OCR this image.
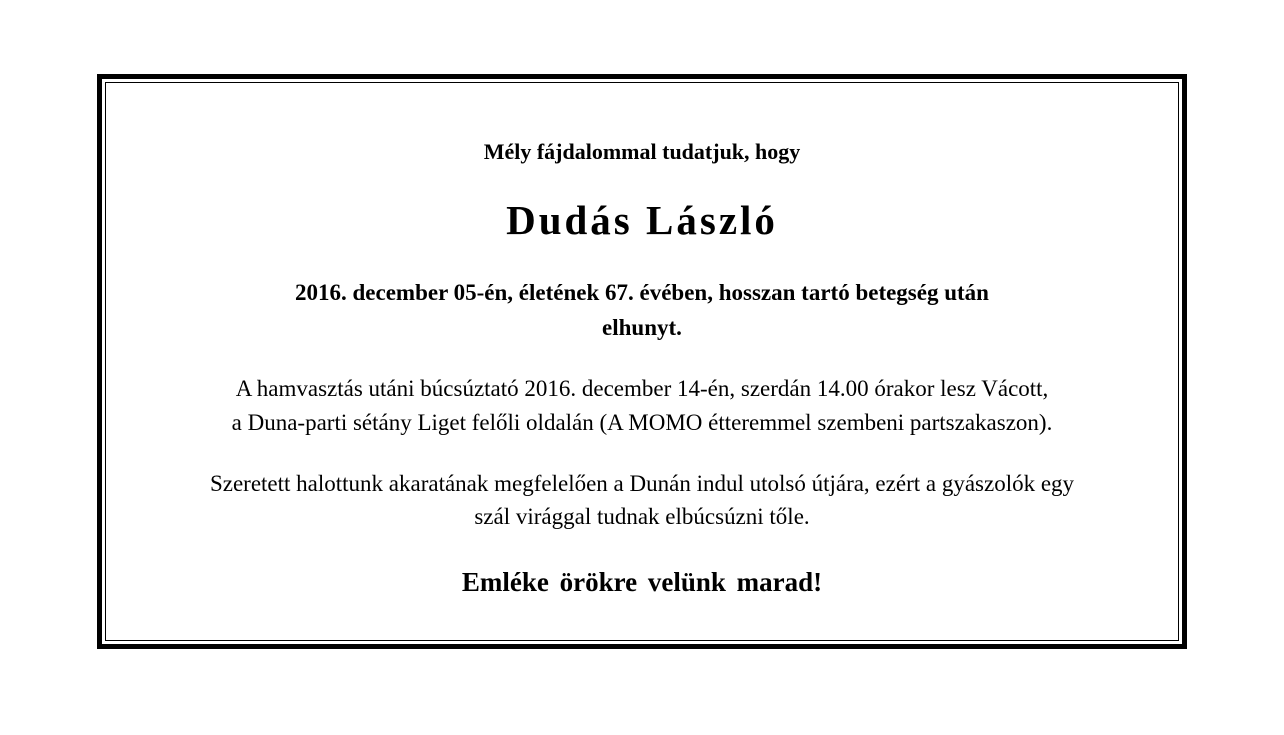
Mély fájdalommal tudatjuk, hogy
Dudás László
2016. december 05-én, életének 67. évében, hosszan tartó betegség után
elhunyt.
A hamvasztás utáni búcsúztató 2016. december 14-én, szerdán 14.00 órakor lesz Vácott,
a Duna-parti sétány Liget felőli oldalán (A MOMO étteremmel szembeni partszakaszon).
Szeretett halottunk akaratának megfelelően a Dunán indul utolsó útjára, ezért a gyászolók egy
szál virággal tudnak elbúcsúzni tőle.
Emléke örökre velünk marad!
